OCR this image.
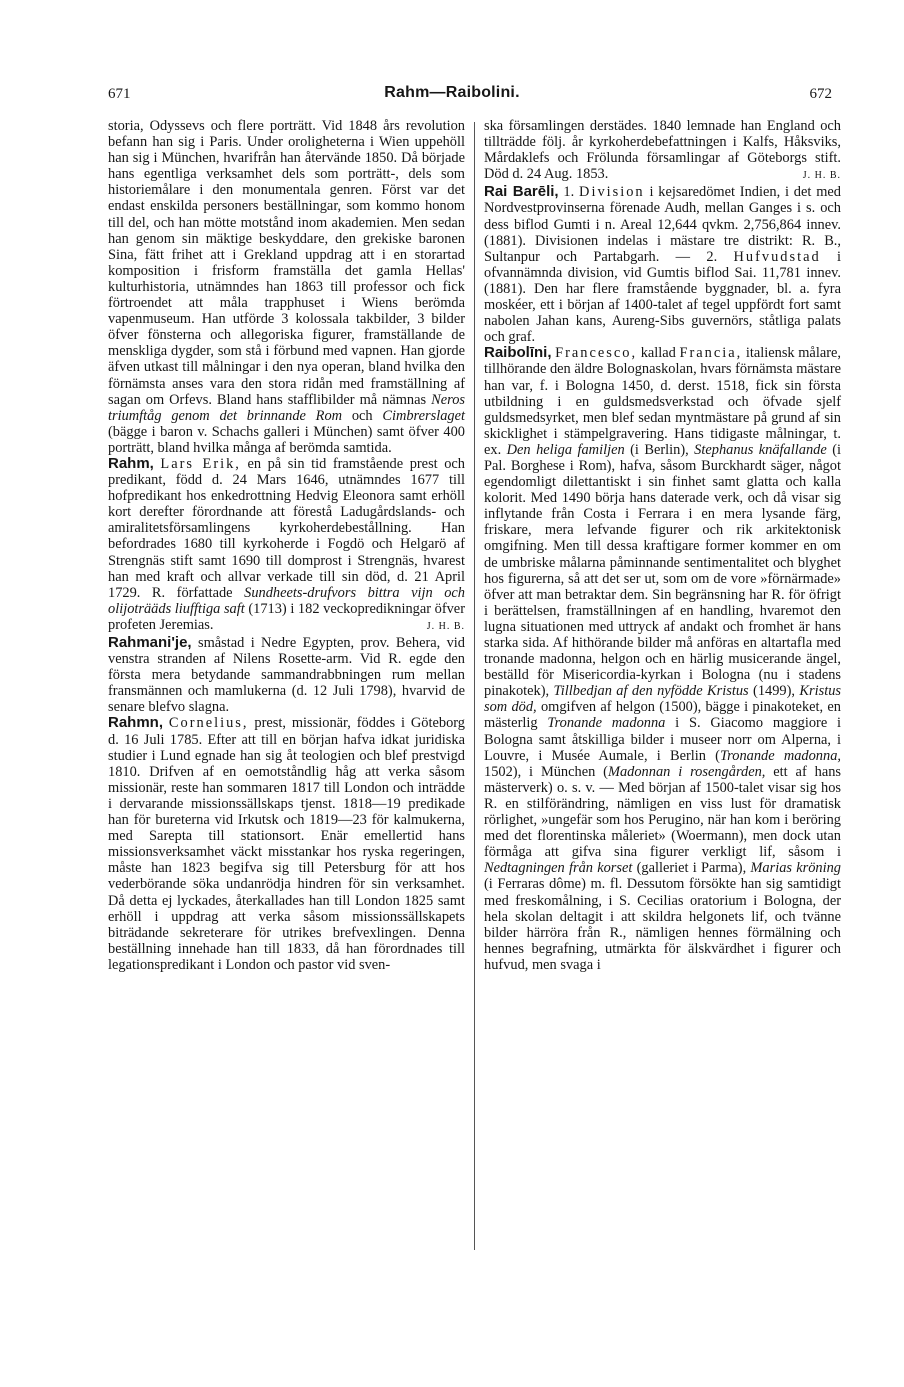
671	Rahm—Raibolini.	672

storia, Odyssevs och flere porträtt. Vid 1848 års revolution befann han sig i Paris. Under oroligheterna i Wien uppehöll han sig i München, hvarifrån han återvände 1850. Då började hans egentliga verksamhet dels som porträtt-, dels som historiemålare i den monumentala genren. Först var det endast enskilda personers beställningar, som kommo honom till del, och han mötte motstånd inom akademien. Men sedan han genom sin mäktige beskyddare, den grekiske baronen Sina, fätt frihet att i Grekland uppdrag att i en storartad komposition i frisform framställa det gamla Hellas' kulturhistoria, utnämndes han 1863 till professor och fick förtroendet att måla trapphuset i Wiens berömda vapenmuseum. Han utförde 3 kolossala takbilder, 3 bilder öfver fönsterna och allegoriska figurer, framställande de menskliga dygder, som stå i förbund med vapnen. Han gjorde äfven utkast till målningar i den nya operan, bland hvilka den förnämsta anses vara den stora ridån med framställning af sagan om Orfevs. Bland hans stafflibilder må nämnas Neros triumftåg genom det brinnande Rom och Cimbrerslaget (bägge i baron v. Schachs galleri i München) samt öfver 400 porträtt, bland hvilka många af berömda samtida.

Rahm, Lars Erik, en på sin tid framstående prest och predikant, född d. 24 Mars 1646, utnämndes 1677 till hofpredikant hos enkedrottning Hedvig Eleonora samt erhöll kort derefter förordnande att förestå Ladugårdslands- och amiralitetsförsamlingens kyrkoherdebestållning. Han befordrades 1680 till kyrkoherde i Fogdö och Helgarö af Strengnäs stift samt 1690 till domprost i Strengnäs, hvarest han med kraft och allvar verkade till sin död, d. 21 April 1729. R. författade Sundheets-drufvors bittra vijn och olijoträäds liufftiga saft (1713) i 182 veckopredikningar öfver profeten Jeremias.	J. H. B.

Rahmani'je, småstad i Nedre Egypten, prov. Behera, vid venstra stranden af Nilens Rosette-arm. Vid R. egde den första mera betydande sammandrabbningen rum mellan fransmännen och mamlukerna (d. 12 Juli 1798), hvarvid de senare blefvo slagna.

Rahmn, Cornelius, prest, missionär, föddes i Göteborg d. 16 Juli 1785. Efter att till en början hafva idkat juridiska studier i Lund egnade han sig åt teologien och blef prestvigd 1810. Drifven af en oemotståndlig håg att verka såsom missionär, reste han sommaren 1817 till London och inträdde i dervarande missionssällskaps tjenst. 1818—19 predikade han för bureterna vid Irkutsk och 1819—23 för kalmukerna, med Sarepta till stationsort. Enär emellertid hans missionsverksamhet väckt misstankar hos ryska regeringen, måste han 1823 begifva sig till Petersburg för att hos vederbörande söka undanrödja hindren för sin verksamhet. Då detta ej lyckades, återkallades han till London 1825 samt erhöll i uppdrag att verka såsom missionssällskapets biträdande sekreterare för utrikes brefvexlingen. Denna beställning innehade han till 1833, då han förordnades till legationspredikant i London och pastor vid sven-

ska församlingen derstädes. 1840 lemnade han England och tillträdde följ. år kyrkoherdebefattningen i Kalfs, Håksviks, Mårdaklefs och Frölunda församlingar af Göteborgs stift. Död d. 24 Aug. 1853.	J. H. B.

Rai Barēli, 1. Division i kejsaredömet Indien, i det med Nordvestprovinserna förenade Audh, mellan Ganges i s. och dess biflod Gumti i n. Areal 12,644 qvkm. 2,756,864 innev. (1881). Divisionen indelas i mästare tre distrikt: R. B., Sultanpur och Partabgarh. — 2. Hufvudstad i ofvannämnda division, vid Gumtis biflod Sai. 11,781 innev. (1881). Den har flere framstående byggnader, bl. a. fyra moskéer, ett i början af 1400-talet af tegel uppfördt fort samt nabolen Jahan kans, Aureng-Sibs guvernörs, ståtliga palats och graf.

Raibolīni, Francesco, kallad Francia, italiensk målare, tillhörande den äldre Bolognaskolan, hvars förnämsta mästare han var, f. i Bologna 1450, d. derst. 1518, fick sin första utbildning i en guldsmedsverkstad och öfvade sjelf guldsmedsyrket, men blef sedan myntmästare på grund af sin skicklighet i stämpelgravering. Hans tidigaste målningar, t. ex. Den heliga familjen (i Berlin), Stephanus knäfallande (i Pal. Borghese i Rom), hafva, såsom Burckhardt säger, något egendomligt dilettantiskt i sin finhet samt glatta och kalla kolorit. Med 1490 börja hans daterade verk, och då visar sig inflytande från Costa i Ferrara i en mera lysande färg, friskare, mera lefvande figurer och rik arkitektonisk omgifning. Men till dessa kraftigare former kommer en om de umbriske målarna påminnande sentimentalitet och blyghet hos figurerna, så att det ser ut, som om de vore »förnärmade» öfver att man betraktar dem. Sin begränsning har R. för öfrigt i berättelsen, framställningen af en handling, hvaremot den lugna situationen med uttryck af andakt och fromhet är hans starka sida. Af hithörande bilder må anföras en altartafla med tronande madonna, helgon och en härlig musicerande ängel, beställd för Misericordia-kyrkan i Bologna (nu i stadens pinakotek), Tillbedjan af den nyfödde Kristus (1499), Kristus som död, omgifven af helgon (1500), bägge i pinakoteket, en mästerlig Tronande madonna i S. Giacomo maggiore i Bologna samt åtskilliga bilder i museer norr om Alperna, i Louvre, i Musée Aumale, i Berlin (Tronande madonna, 1502), i München (Madonnan i rosengården, ett af hans mästerverk) o. s. v. — Med början af 1500-talet visar sig hos R. en stilförändring, nämligen en viss lust för dramatisk rörlighet, »ungefär som hos Perugino, när han kom i beröring med det florentinska måleriet» (Woermann), men dock utan förmåga att gifva sina figurer verkligt lif, såsom i Nedtagningen från korset (galleriet i Parma), Marias kröning (i Ferraras dôme) m. fl. Dessutom försökte han sig samtidigt med freskomålning, i S. Cecilias oratorium i Bologna, der hela skolan deltagit i att skildra helgonets lif, och tvänne bilder härröra från R., nämligen hennes förmälning och hennes begrafning, utmärkta för älskvärdhet i figurer och hufvud, men svaga i
